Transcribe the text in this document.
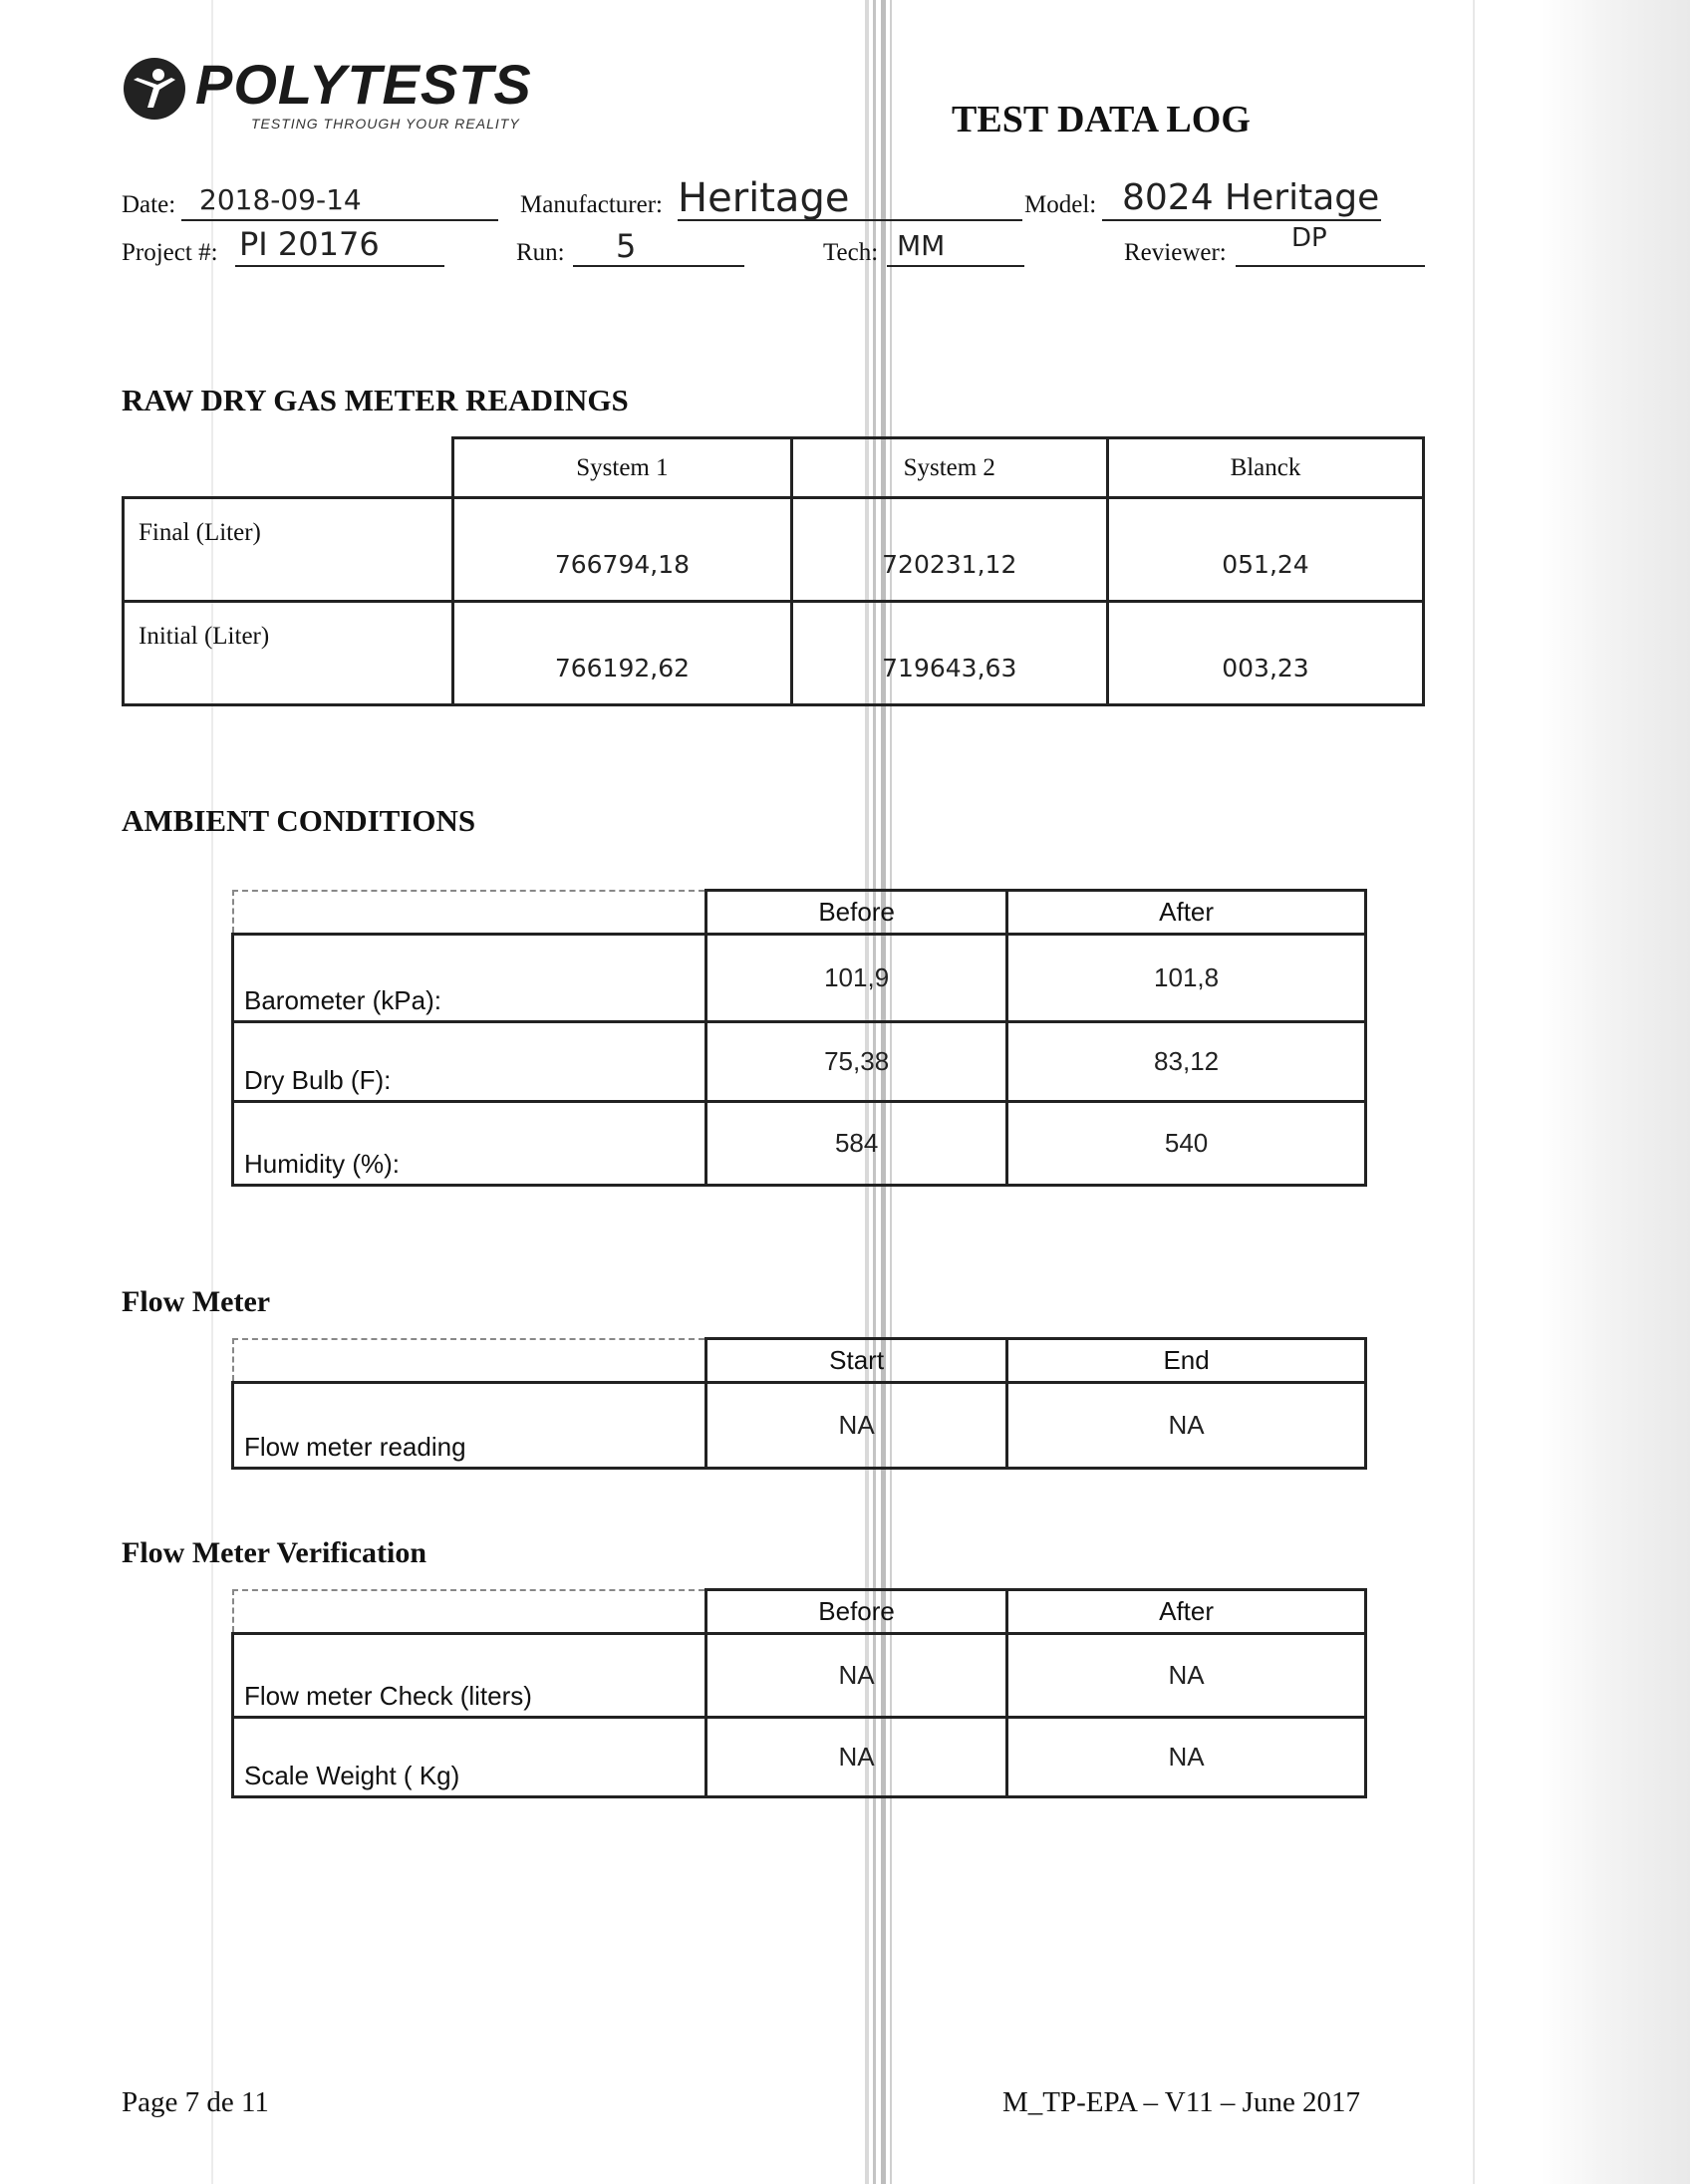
POLYTESTS
TESTING THROUGH YOUR REALITY	TEST DATA LOG
Date: 2018-09-14	Manufacturer: Heritage	Model: 8024 Heritage
Project #: PI 20176	Run: 5	Tech: MM	Reviewer:	DP
RAW DRY GAS METER READINGS
	System 1	System 2	Blanck
Final (Liter)	766794,18	720231,12	051,24
Initial (Liter)	766192,62	719643,63	003,23
AMBIENT CONDITIONS
	Before	After
Barometer (kPa):	101,9	101,8
Dry Bulb (F):	75,38	83,12
Humidity (%):	584	540
Flow Meter
	Start	End
Flow meter reading	NA	NA
Flow Meter Verification
	Before	After
Flow meter Check (liters)	NA	NA
Scale Weight ( Kg)	NA	NA
Page 7 de 11	M_TP-EPA – V11 – June 2017
